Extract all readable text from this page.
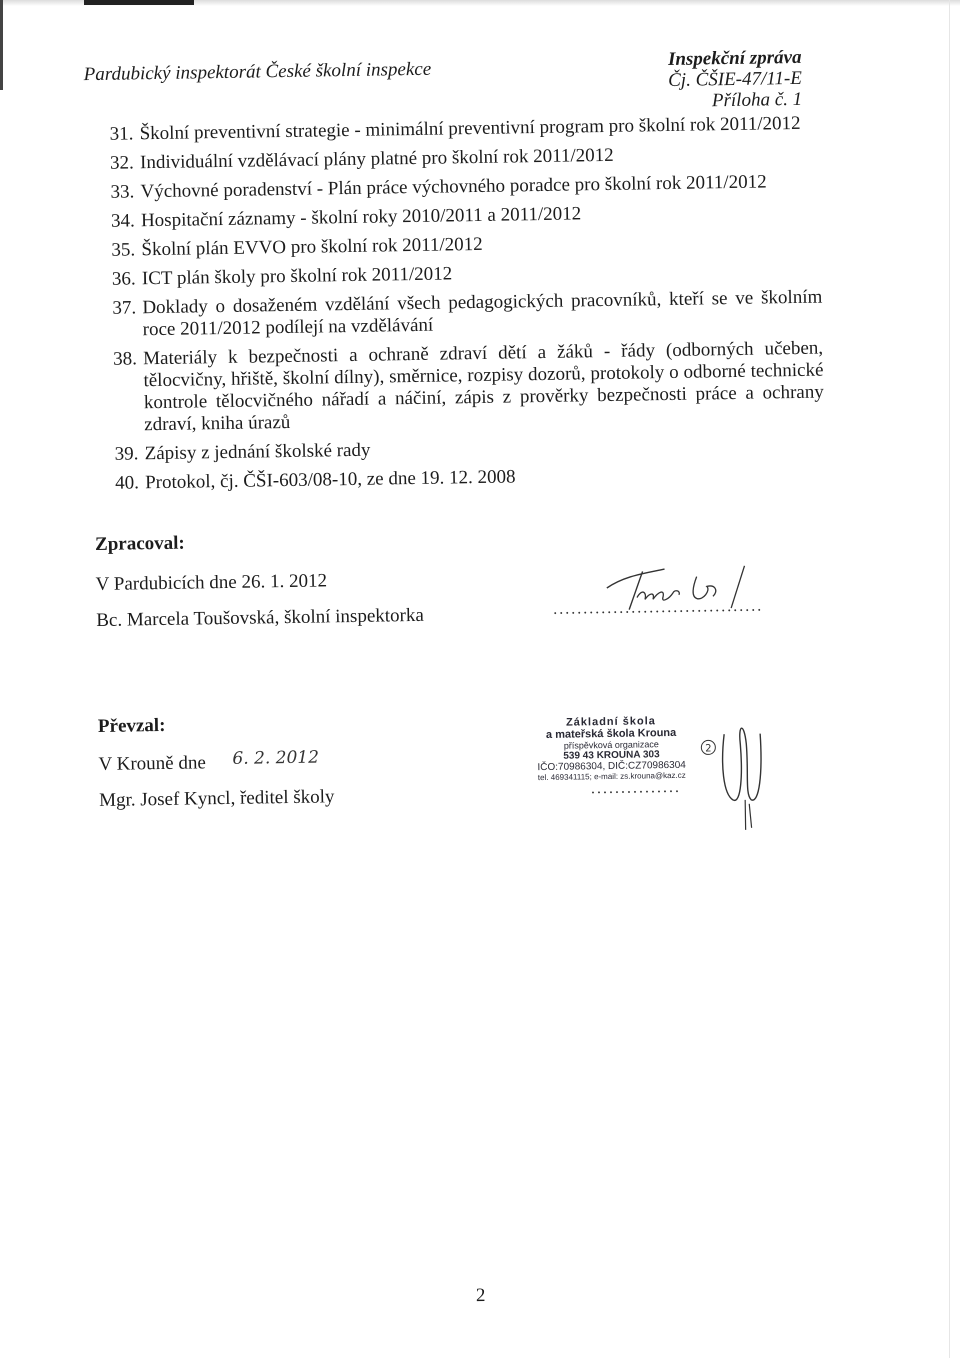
Pardubický inspektorát České školní inspekce
Inspekční zpráva
Čj. ČŠIE-47/11-E
Příloha č. 1
31. Školní preventivní strategie - minimální preventivní program pro školní rok 2011/2012
32. Individuální vzdělávací plány platné pro školní rok 2011/2012
33. Výchovné poradenství - Plán práce výchovného poradce pro školní rok 2011/2012
34. Hospitační záznamy - školní roky 2010/2011 a 2011/2012
35. Školní plán EVVO pro školní rok 2011/2012
36. ICT plán školy pro školní rok 2011/2012
37. Doklady o dosaženém vzdělání všech pedagogických pracovníků, kteří se ve školním roce 2011/2012 podílejí na vzdělávání
38. Materiály k bezpečnosti a ochraně zdraví dětí a žáků - řády (odborných učeben, tělocvičny, hřiště, školní dílny), směrnice, rozpisy dozorů, protokoly o odborné technické kontrole tělocvičného nářadí a náčiní, zápis z prověrky bezpečnosti práce a ochrany zdraví, kniha úrazů
39. Zápisy z jednání školské rady
40. Protokol, čj. ČŠI-603/08-10, ze dne 19. 12. 2008
Zpracoval:
V Pardubicích dne 26. 1. 2012
Bc. Marcela Toušovská, školní inspektorka	...................................
Převzal:
V Krouně dne 6. 2. 2012
Mgr. Josef Kyncl, ředitel školy	...............
Základní škola
a mateřská škola Krouna
příspěvková organizace
539 43 KROUNA 303
IČO:70986304, DIČ:CZ70986304
tel. 469341115; e-mail: zs.krouna@kaz.cz
2
2
